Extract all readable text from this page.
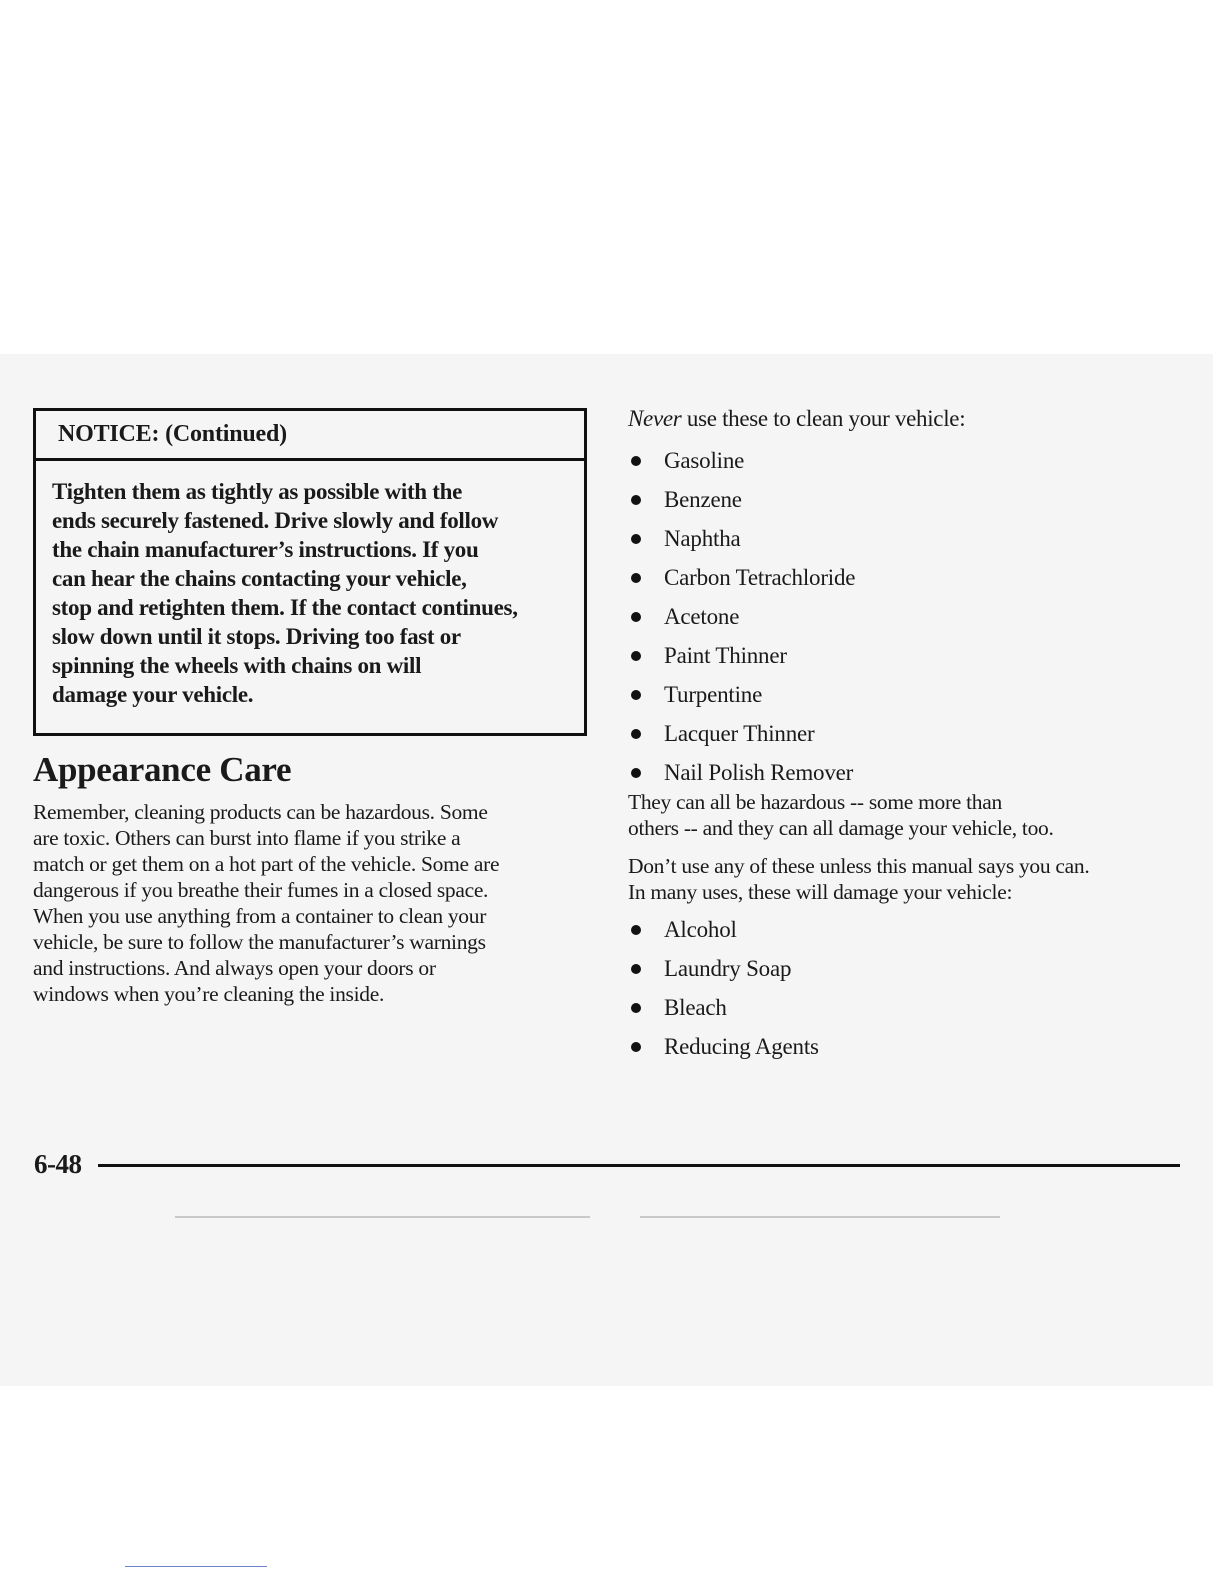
NOTICE: (Continued)
Tighten them as tightly as possible with the
ends securely fastened. Drive slowly and follow
the chain manufacturer’s instructions. If you
can hear the chains contacting your vehicle,
stop and retighten them. If the contact continues,
slow down until it stops. Driving too fast or
spinning the wheels with chains on will
damage your vehicle.
Appearance Care
Remember, cleaning products can be hazardous. Some
are toxic. Others can burst into flame if you strike a
match or get them on a hot part of the vehicle. Some are
dangerous if you breathe their fumes in a closed space.
When you use anything from a container to clean your
vehicle, be sure to follow the manufacturer’s warnings
and instructions. And always open your doors or
windows when you’re cleaning the inside.
Never use these to clean your vehicle:
Gasoline
Benzene
Naphtha
Carbon Tetrachloride
Acetone
Paint Thinner
Turpentine
Lacquer Thinner
Nail Polish Remover
They can all be hazardous -- some more than
others -- and they can all damage your vehicle, too.
Don’t use any of these unless this manual says you can.
In many uses, these will damage your vehicle:
Alcohol
Laundry Soap
Bleach
Reducing Agents
6-48
